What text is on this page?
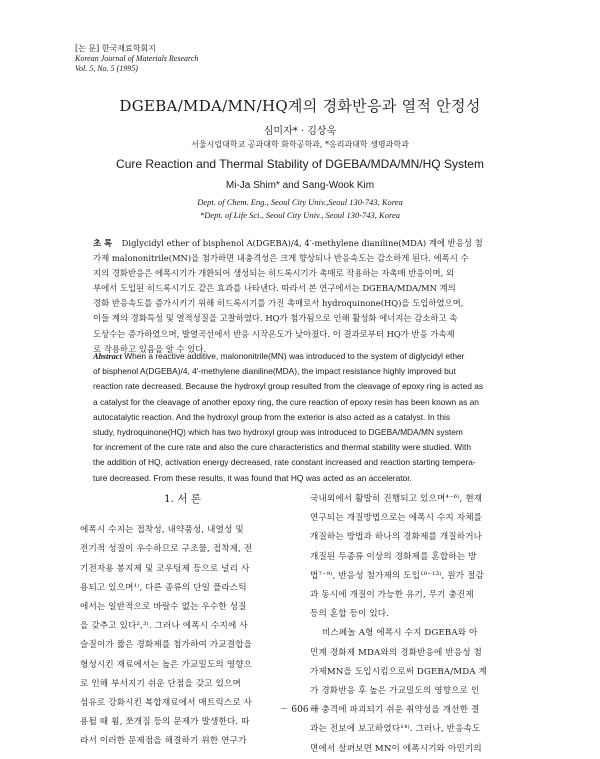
[논 문] 한국재료학회지
Korean Journal of Materials Research
Vol. 5, No. 5 (1995)
DGEBA/MDA/MN/HQ계의 경화반응과 열적 안정성
심미자* · 김상욱
서울시립대학교 공과대학 화학공학과, *응리과대학 생명과학과
Cure Reaction and Thermal Stability of DGEBA/MDA/MN/HQ System
Mi-Ja Shim* and Sang-Wook Kim
Dept. of Chem. Eng., Seoul City Univ.,Seoul 130-743, Korea
*Dept. of Life Sci., Seoul City Univ., Seoul 130-743, Korea
초 록 Diglycidyl ether of bisphenol A(DGEBA)/4, 4′-methylene dianiline(MDA) 계에 반응성 첨
가제 malononitrile(MN)을 첨가하면 내충격성은 크게 향상되나 반응속도는 감소하게 된다. 에폭시 수
지의 경화반응은 에폭시기가 개환되어 생성되는 히드록시기가 촉매로 작용하는 자촉매 반응이며, 외
부에서 도입된 히드록시기도 같은 효과를 나타낸다. 따라서 본 연구에서는 DGEBA/MDA/MN 계의
경화 반응속도를 증가시키기 위해 히드록시기를 가진 촉매로서 hydroquinone(HQ)을 도입하였으며,
이들 계의 경화특성 및 열적성질을 고찰하였다. HQ가 첨가됨으로 인해 활성화 에너지는 감소하고 속
도상수는 증가하였으며, 발열곡선에서 반응 시작온도가 낮아졌다. 이 결과로부터 HQ가 반응 가속제
로 작용하고 있음을 알 수 있다.
Abstract When a reactive additive, malononitrile(MN) was introduced to the system of diglycidyl ether
of bisphenol A(DGEBA)/4, 4′-methylene dianiline(MDA), the impact resistance highly improved but
reaction rate decreased. Because the hydroxyl group resulted from the cleavage of epoxy ring is acted as
a catalyst for the cleavage of another epoxy ring, the cure reaction of epoxy resin has been known as an
autocatalytic reaction. And the hydroxyl group from the exterior is also acted as a catalyst. In this
study, hydroquinone(HQ) which has two hydroxyl group was introduced to DGEBA/MDA/MN system
for increment of the cure rate and also the cure characteristics and thermal stability were studied. With
the addition of HQ, activation energy decreased, rate constant increased and reaction starting tempera-
ture decreased. From these results, it was found that HQ was acted as an accelerator.
1. 서 론
에폭시 수지는 접착성, 내약품성, 내열성 및
전기적 성질이 우수하므로 구조물, 접착제, 전
기전자용 봉지제 및 코우팅제 등으로 널리 사
용되고 있으며¹⁾, 다른 종류의 단일 플라스틱
에서는 일반적으로 바랄수 없는 우수한 성질
을 갖추고 있다²,³⁾. 그러나 에폭시 수지에 사
슬질이가 짧은 경화제를 첨가하여 가교결합을
형성시킨 재료에서는 높은 가교밀도의 영향으
로 인해 부서지기 쉬운 단점을 갖고 있으며
섬유로 강화시킨 복합재료에서 매트릭스로 사
용될 때 휨, 쪼개짐 등의 문제가 발생한다. 따
라서 이러한 문제점을 해결하기 위한 연구가
국내외에서 활발히 진행되고 있으며⁴⁻⁶⁾, 현재
연구되는 개질방법으로는 에폭시 수지 자체를
개질하는 방법과 하나의 경화제를 개질하거나
개질된 두종류 이상의 경화제를 혼합하는 방
법⁷⁻⁹⁾, 반응성 첨가제의 도입¹⁰⁻¹³⁾, 원가 절감
과 동시에 개질이 가능한 유기, 무기 충진제
등의 혼합 등이 있다.
비스페놀 A형 에폭시 수지 DGEBA와 아
민계 경화제 MDA와의 경화반응에 반응성 첨
가제MN을 도입시킴으로써 DGEBA/MDA 계
가 경화반응 후 높은 가교밀도의 영향으로 인
해 충격에 파괴되기 쉬운 취약성을 개선한 결
과는 전보에 보고하였다¹⁴⁾. 그러나, 반응속도
면에서 살펴보면 MN이 에폭시기와 아민기의
－ 606 －
